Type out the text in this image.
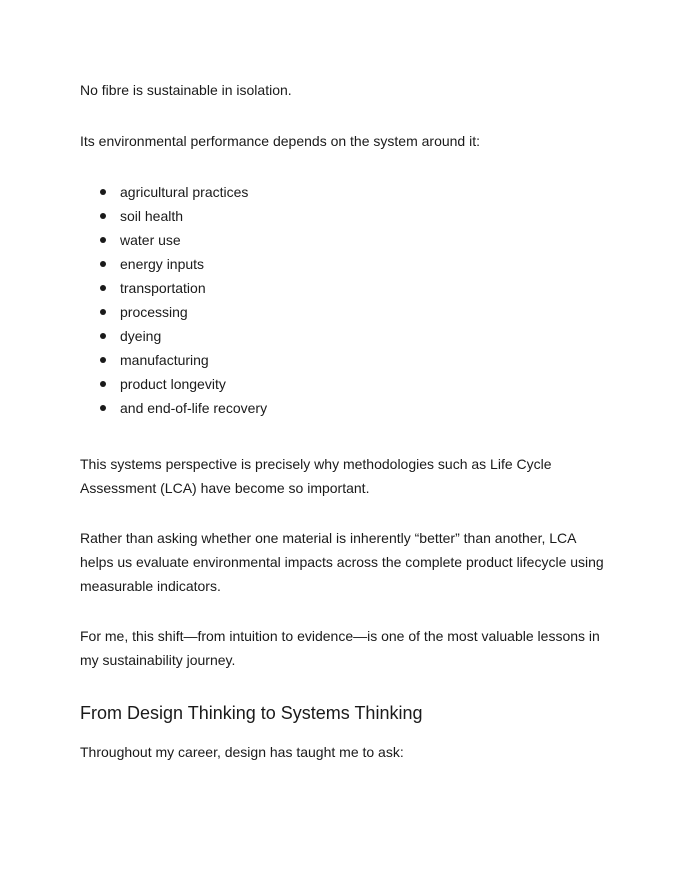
No fibre is sustainable in isolation.

Its environmental performance depends on the system around it:

agricultural practices
soil health
water use
energy inputs
transportation
processing
dyeing
manufacturing
product longevity
and end-of-life recovery

This systems perspective is precisely why methodologies such as Life Cycle Assessment (LCA) have become so important.

Rather than asking whether one material is inherently “better” than another, LCA helps us evaluate environmental impacts across the complete product lifecycle using measurable indicators.

For me, this shift—from intuition to evidence—is one of the most valuable lessons in my sustainability journey.

From Design Thinking to Systems Thinking

Throughout my career, design has taught me to ask:
